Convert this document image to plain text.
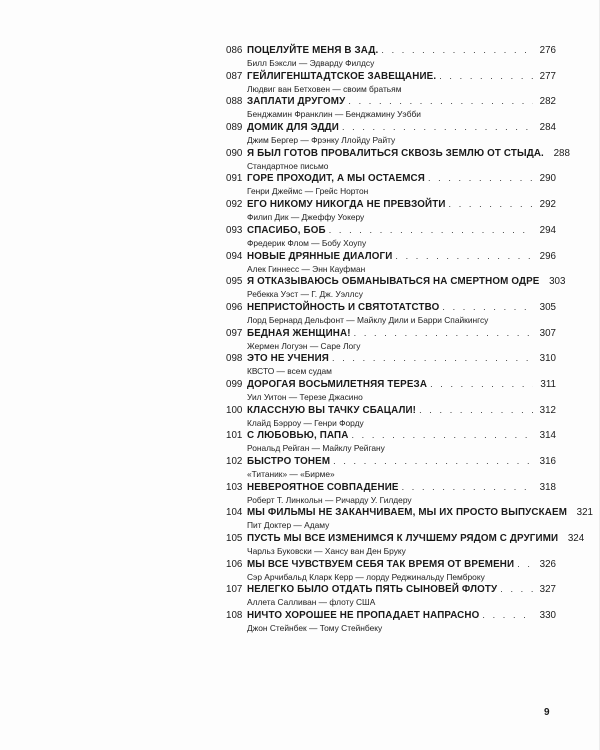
086 ПОЦЕЛУЙТЕ МЕНЯ В ЗАД. . . .	276
Билл Бэксли — Эдварду Филдсу
087 ГЕЙЛИГЕНШТАДТСКОЕ ЗАВЕЩАНИЕ. . . .	277
Людвиг ван Бетховен — своим братьям
088 ЗАПЛАТИ ДРУГОМУ . . .	282
Бенджамин Франклин — Бенджамину Уэбби
089 ДОМИК ДЛЯ ЭДДИ . . .	284
Джим Бергер — Фрэнку Ллойду Райту
090 Я БЫЛ ГОТОВ ПРОВАЛИТЬСЯ СКВОЗЬ ЗЕМЛЮ ОТ СТЫДА. 288
Стандартное письмо
091 ГОРЕ ПРОХОДИТ, А МЫ ОСТАЕМСЯ . . .	290
Генри Джеймс — Грейс Нортон
092 ЕГО НИКОМУ НИКОГДА НЕ ПРЕВЗОЙТИ . . .	292
Филип Дик — Джеффу Уокеру
093 СПАСИБО, БОБ . . .	294
Фредерик Флом — Бобу Хоупу
094 НОВЫЕ ДРЯННЫЕ ДИАЛОГИ . . .	296
Алек Гиннесс — Энн Кауфман
095 Я ОТКАЗЫВАЮСЬ ОБМАНЫВАТЬСЯ НА СМЕРТНОМ ОДРЕ 303
Ребекка Уэст — Г. Дж. Уэллсу
096 НЕПРИСТОЙНОСТЬ И СВЯТОТАТСТВО . . .	305
Лорд Бернард Дельфонт — Майклу Дили и Барри Спайкингсу
097 БЕДНАЯ ЖЕНЩИНА! . . .	307
Жермен Логуэн — Саре Логу
098 ЭТО НЕ УЧЕНИЯ . . .	310
КВСТО — всем судам
099 ДОРОГАЯ ВОСЬМИЛЕТНЯЯ ТЕРЕЗА . . .	311
Уил Уитон — Терезе Джасино
100 КЛАССНУЮ ВЫ ТАЧКУ СБАЦАЛИ! . . .	312
Клайд Бэрроу — Генри Форду
101 С ЛЮБОВЬЮ, ПАПА . . .	314
Рональд Рейган — Майклу Рейгану
102 БЫСТРО ТОНЕМ . . .	316
«Титаник» — «Бирме»
103 НЕВЕРОЯТНОЕ СОВПАДЕНИЕ . . .	318
Роберт Т. Линкольн — Ричарду У. Гилдеру
104 МЫ ФИЛЬМЫ НЕ ЗАКАНЧИВАЕМ, МЫ ИХ ПРОСТО ВЫПУСКАЕМ 321
Пит Доктер — Адаму
105 ПУСТЬ МЫ ВСЕ ИЗМЕНИМСЯ К ЛУЧШЕМУ РЯДОМ С ДРУГИМИ 324
Чарльз Буковски — Хансу ван Ден Бруку
106 МЫ ВСЕ ЧУВСТВУЕМ СЕБЯ ТАК ВРЕМЯ ОТ ВРЕМЕНИ . . .	326
Сэр Арчибальд Кларк Керр — лорду Реджинальду Пемброку
107 НЕЛЕГКО БЫЛО ОТДАТЬ ПЯТЬ СЫНОВЕЙ ФЛОТУ . . .	327
Аллета Салливан — флоту США
108 НИЧТО ХОРОШЕЕ НЕ ПРОПАДАЕТ НАПРАСНО . . .	330
Джон Стейнбек — Тому Стейнбеку
9
